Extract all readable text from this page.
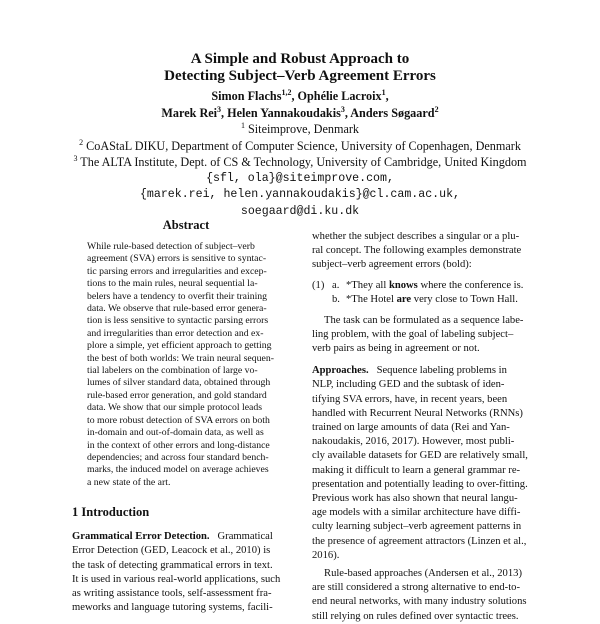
A Simple and Robust Approach to
Detecting Subject–Verb Agreement Errors
Simon Flachs$^{1,2}$, Ophélie Lacroix$^1$,
Marek Rei$^3$, Helen Yannakoudakis$^3$, Anders Søgaard$^2$
$^1$ Siteimprove, Denmark
$^2$ CoAStaL DIKU, Department of Computer Science, University of Copenhagen, Denmark
$^3$ The ALTA Institute, Dept. of CS & Technology, University of Cambridge, United Kingdom
{sfl, ola}@siteimprove.com,
{marek.rei, helen.yannakoudakis}@cl.cam.ac.uk,
soegaard@di.ku.dk
Abstract
While rule-based detection of subject–verb
agreement (SVA) errors is sensitive to syntac-
tic parsing errors and irregularities and excep-
tions to the main rules, neural sequential la-
belers have a tendency to overfit their training
data. We observe that rule-based error genera-
tion is less sensitive to syntactic parsing errors
and irregularities than error detection and ex-
plore a simple, yet efficient approach to getting
the best of both worlds: We train neural sequen-
tial labelers on the combination of large vo-
lumes of silver standard data, obtained through
rule-based error generation, and gold standard
data. We show that our simple protocol leads
to more robust detection of SVA errors on both
in-domain and out-of-domain data, as well as
in the context of other errors and long-distance
dependencies; and across four standard bench-
marks, the induced model on average achieves
a new state of the art.
1 Introduction
Grammatical Error Detection. Grammatical
Error Detection (GED, Leacock et al., 2010) is
the task of detecting grammatical errors in text.
It is used in various real-world applications, such
as writing assistance tools, self-assessment fra-
meworks and language tutoring systems, facili-
whether the subject describes a singular or a plu-
ral concept. The following examples demonstrate
subject–verb agreement errors (bold):
(1) a. *They all knows where the conference is.
b. *The Hotel are very close to Town Hall.
The task can be formulated as a sequence labe-
ling problem, with the goal of labeling subject–
verb pairs as being in agreement or not.
Approaches. Sequence labeling problems in
NLP, including GED and the subtask of iden-
tifying SVA errors, have, in recent years, been
handled with Recurrent Neural Networks (RNNs)
trained on large amounts of data (Rei and Yan-
nakoudakis, 2016, 2017). However, most publi-
cly available datasets for GED are relatively small,
making it difficult to learn a general grammar re-
presentation and potentially leading to over-fitting.
Previous work has also shown that neural langu-
age models with a similar architecture have diffi-
culty learning subject–verb agreement patterns in
the presence of agreement attractors (Linzen et al.,
2016).
Rule-based approaches (Andersen et al., 2013)
are still considered a strong alternative to end-to-
end neural networks, with many industry solutions
still relying on rules defined over syntactic trees.
